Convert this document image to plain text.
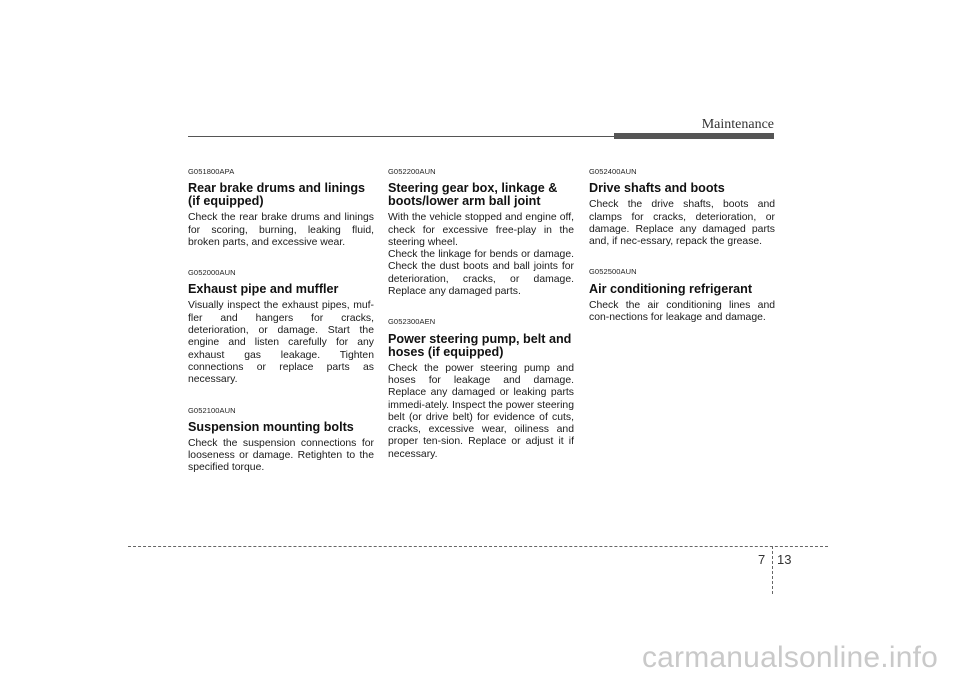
Maintenance
G051800APA
Rear brake drums and linings
(if equipped)
Check the rear brake drums and linings for scoring, burning, leaking fluid, broken parts, and excessive wear.
G052000AUN
Exhaust pipe and muffler
Visually inspect the exhaust pipes, muf-fler and hangers for cracks, deterioration, or damage. Start the engine and listen carefully for any exhaust gas leakage. Tighten connections or replace parts as necessary.
G052100AUN
Suspension mounting bolts
Check the suspension connections for looseness or damage. Retighten to the specified torque.
G052200AUN
Steering gear box, linkage &
boots/lower arm ball joint
With the vehicle stopped and engine off, check for excessive free-play in the steering wheel.
Check the linkage for bends or damage. Check the dust boots and ball joints for deterioration, cracks, or damage. Replace any damaged parts.
G052300AEN
Power steering pump, belt and
hoses (if equipped)
Check the power steering pump and hoses for leakage and damage. Replace any damaged or leaking parts immedi-ately. Inspect the power steering belt (or drive belt) for evidence of cuts, cracks, excessive wear, oiliness and proper ten-sion. Replace or adjust it if necessary.
G052400AUN
Drive shafts and boots
Check the drive shafts, boots and clamps for cracks, deterioration, or damage. Replace any damaged parts and, if nec-essary, repack the grease.
G052500AUN
Air conditioning refrigerant
Check the air conditioning lines and con-nections for leakage and damage.
7 13
carmanualsonline.info
